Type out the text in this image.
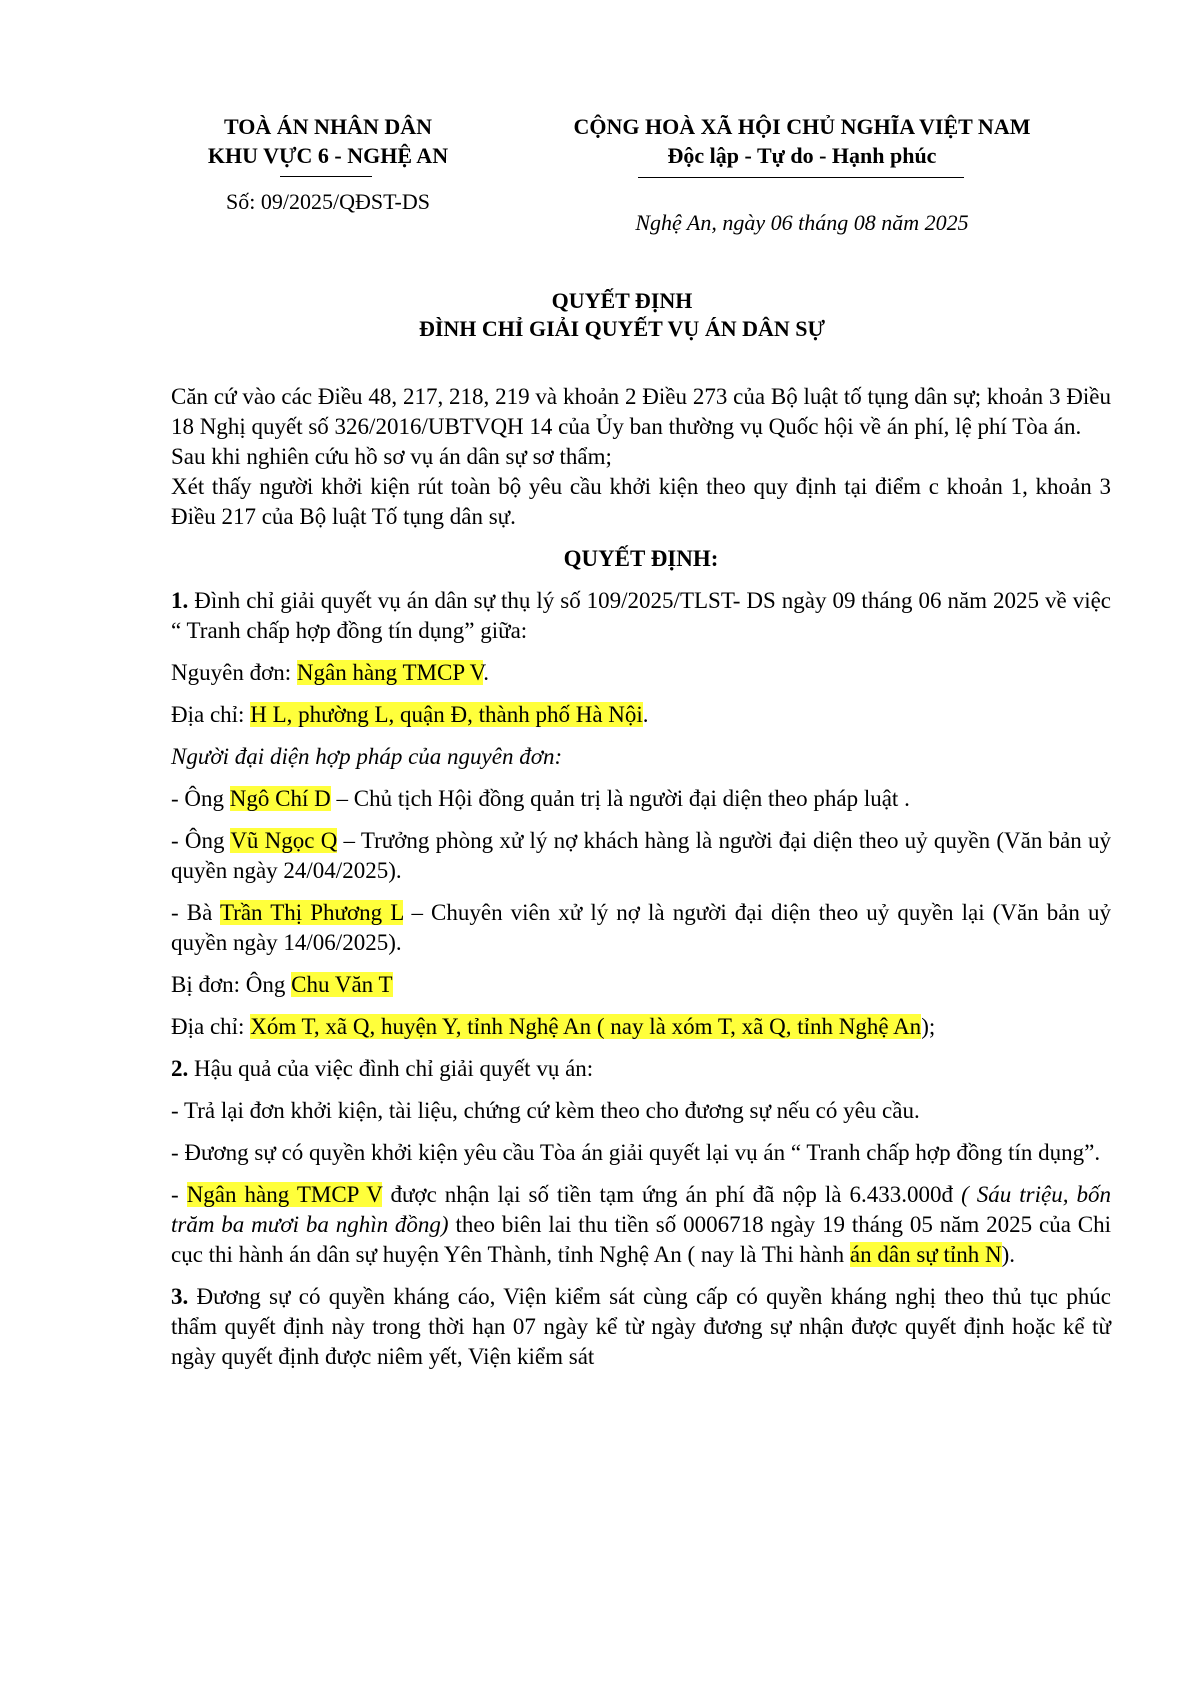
TOÀ ÁN NHÂN DÂN
KHU VỰC 6 - NGHỆ AN
Số: 09/2025/QĐST-DS
CỘNG HOÀ XÃ HỘI CHỦ NGHĨA VIỆT NAM
Độc lập - Tự do - Hạnh phúc
Nghệ An, ngày 06 tháng 08 năm 2025
QUYẾT ĐỊNH
ĐÌNH CHỈ GIẢI QUYẾT VỤ ÁN DÂN SỰ

Căn cứ vào các Điều 48, 217, 218, 219 và khoản 2 Điều 273 của Bộ luật tố tụng dân sự; khoản 3 Điều 18 Nghị quyết số 326/2016/UBTVQH 14 của Ủy ban thường vụ Quốc hội về án phí, lệ phí Tòa án.

Sau khi nghiên cứu hồ sơ vụ án dân sự sơ thẩm;

Xét thấy người khởi kiện rút toàn bộ yêu cầu khởi kiện theo quy định tại điểm c khoản 1, khoản 3 Điều 217 của Bộ luật Tố tụng dân sự.

QUYẾT ĐỊNH:

1. Đình chỉ giải quyết vụ án dân sự thụ lý số 109/2025/TLST- DS ngày 09 tháng 06 năm 2025 về việc “ Tranh chấp hợp đồng tín dụng” giữa:

Nguyên đơn: Ngân hàng TMCP V.

Địa chỉ: H L, phường L, quận Đ, thành phố Hà Nội.

Người đại diện hợp pháp của nguyên đơn:

- Ông Ngô Chí D – Chủ tịch Hội đồng quản trị là người đại diện theo pháp luật .

- Ông Vũ Ngọc Q – Trưởng phòng xử lý nợ khách hàng là người đại diện theo uỷ quyền (Văn bản uỷ quyền ngày 24/04/2025).

- Bà Trần Thị Phương L – Chuyên viên xử lý nợ là người đại diện theo uỷ quyền lại (Văn bản uỷ quyền ngày 14/06/2025).

Bị đơn: Ông Chu Văn T

Địa chỉ: Xóm T, xã Q, huyện Y, tỉnh Nghệ An ( nay là xóm T, xã Q, tỉnh Nghệ An);

2. Hậu quả của việc đình chỉ giải quyết vụ án:

- Trả lại đơn khởi kiện, tài liệu, chứng cứ kèm theo cho đương sự nếu có yêu cầu.

- Đương sự có quyền khởi kiện yêu cầu Tòa án giải quyết lại vụ án “ Tranh chấp hợp đồng tín dụng”.

- Ngân hàng TMCP V được nhận lại số tiền tạm ứng án phí đã nộp là 6.433.000đ ( Sáu triệu, bốn trăm ba mươi ba nghìn đồng) theo biên lai thu tiền số 0006718 ngày 19 tháng 05 năm 2025 của Chi cục thi hành án dân sự huyện Yên Thành, tỉnh Nghệ An ( nay là Thi hành án dân sự tỉnh N).

3. Đương sự có quyền kháng cáo, Viện kiểm sát cùng cấp có quyền kháng nghị theo thủ tục phúc thẩm quyết định này trong thời hạn 07 ngày kể từ ngày đương sự nhận được quyết định hoặc kể từ ngày quyết định được niêm yết, Viện kiểm sát
